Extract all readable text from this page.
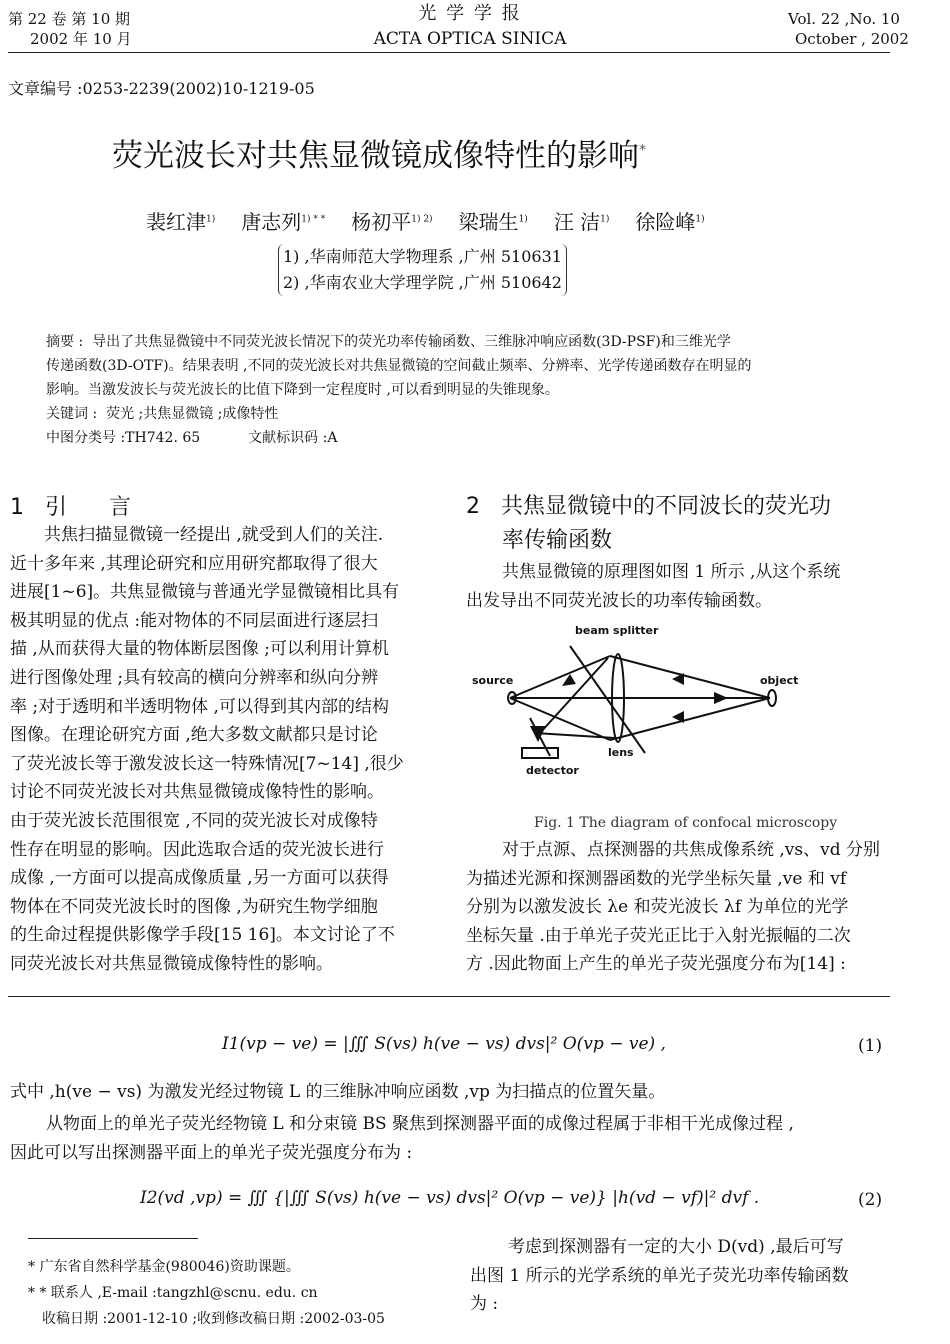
第 22 卷 第 10 期
2002 年 10 月
光 学 学 报
ACTA OPTICA SINICA
Vol. 22 ,No. 10
October , 2002
文章编号 :0253-2239(2002)10-1219-05
荧光波长对共焦显微镜成像特性的影响*
裴红津$^{1)}$ 唐志列$^{1) * *}$ 杨初平$^{1) 2)}$ 梁瑞生$^{1)}$ 汪 洁$^{1)}$ 徐险峰$^{1)}$
1) ,华南师范大学物理系 ,广州 510631
2) ,华南农业大学理学院 ,广州 510642
摘要 : 导出了共焦显微镜中不同荧光波长情况下的荧光功率传输函数、三维脉冲响应函数(3D-PSF)和三维光学
传递函数(3D-OTF)。结果表明 ,不同的荧光波长对共焦显微镜的空间截止频率、分辨率、光学传递函数存在明显的
影响。当激发波长与荧光波长的比值下降到一定程度时 ,可以看到明显的失锥现象。
关键词 : 荧光 ;共焦显微镜 ;成像特性
中图分类号 :TH742. 65	文献标识码 :A
1 引      言
共焦扫描显微镜一经提出 ,就受到人们的关注.
近十多年来 ,其理论研究和应用研究都取得了很大
进展[1~6]。共焦显微镜与普通光学显微镜相比具有
极其明显的优点 :能对物体的不同层面进行逐层扫
描 ,从而获得大量的物体断层图像 ;可以利用计算机
进行图像处理 ;具有较高的横向分辨率和纵向分辨
率 ;对于透明和半透明物体 ,可以得到其内部的结构
图像。在理论研究方面 ,绝大多数文献都只是讨论
了荧光波长等于激发波长这一特殊情况[7~14] ,很少
讨论不同荧光波长对共焦显微镜成像特性的影响。
由于荧光波长范围很宽 ,不同的荧光波长对成像特
性存在明显的影响。因此选取合适的荧光波长进行
成像 ,一方面可以提高成像质量 ,另一方面可以获得
物体在不同荧光波长时的图像 ,为研究生物学细胞
的生命过程提供影像学手段[15 16]。本文讨论了不
同荧光波长对共焦显微镜成像特性的影响。
2 共焦显微镜中的不同波长的荧光功
率传输函数
共焦显微镜的原理图如图 1 所示 ,从这个系统
出发导出不同荧光波长的功率传输函数。
beam splitter
source	object
lens
detector
Fig. 1 The diagram of confocal microscopy
对于点源、点探测器的共焦成像系统 ,vs、vd 分别
为描述光源和探测器函数的光学坐标矢量 ,ve 和 vf
分别为以激发波长 λe 和荧光波长 λf 为单位的光学
坐标矢量 .由于单光子荧光正比于入射光振幅的二次
方 .因此物面上产生的单光子荧光强度分布为[14] :
I1(vp − ve) = |∭ S(vs) h(ve − vs) dvs|² O(vp − ve) ,	(1)
式中 ,h(ve − vs) 为激发光经过物镜 L 的三维脉冲响应函数 ,vp 为扫描点的位置矢量。
从物面上的单光子荧光经物镜 L 和分束镜 BS 聚焦到探测器平面的成像过程属于非相干光成像过程 ,
因此可以写出探测器平面上的单光子荧光强度分布为 :
I2(vd ,vp) = ∭ {|∭ S(vs) h(ve − vs) dvs|² O(vp − ve)} |h(vd − vf)|² dvf .	(2)
* 广东省自然科学基金(980046)资助课题。
* * 联系人 ,E-mail :tangzhl@scnu. edu. cn
收稿日期 :2001-12-10 ;收到修改稿日期 :2002-03-05
考虑到探测器有一定的大小 D(vd) ,最后可写
出图 1 所示的光学系统的单光子荧光功率传输函数
为 :
